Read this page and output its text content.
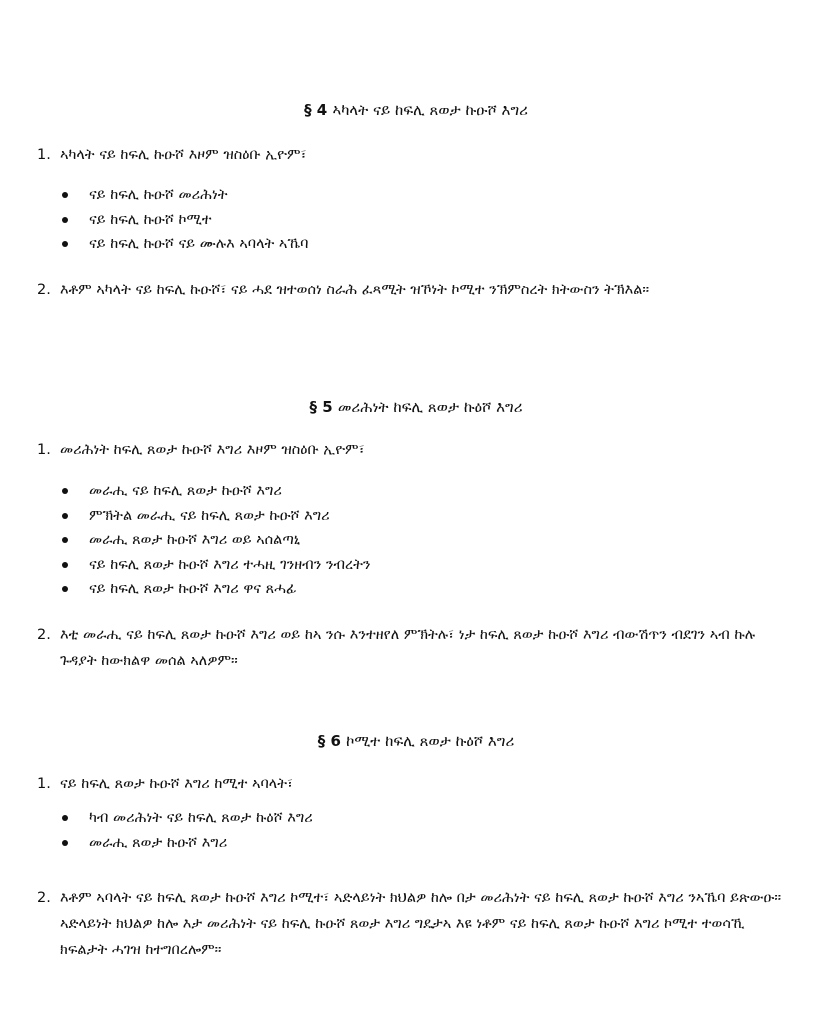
§ 4 ኣካላት ናይ ከፍሊ ጸወታ ኩዑሾ እግሪ

1. ኣካላት ናይ ከፍሊ ኩዑሾ እዞም ዝስዕቡ ኢዮም፣

ናይ ከፍሊ ኩዑሾ መሪሕነት
ናይ ከፍሊ ኩዑሾ ኮሚተ
ናይ ከፍሊ ኩዑሾ ናይ ሙሉእ ኣባላት ኣኼባ

2. እቶም ኣካላት ናይ ከፍሊ ኩዑሾ፣ ናይ ሓደ ዝተወሰነ ስራሕ ፈጻሚት ዝኾነት ኮሚተ ንኽምስረት ክትውስን ትኽእል።

§ 5 መሪሕነት ከፍሊ ጸወታ ኩዕሾ እግሪ

1. መሪሕነት ከፍሊ ጸወታ ኩዑሾ እግሪ እዞም ዝስዕቡ ኢዮም፣

መራሒ ናይ ከፍሊ ጸወታ ኩዑሾ እግሪ
ምኽትል መራሒ ናይ ከፍሊ ጸወታ ኩዑሾ እግሪ
መራሒ ጸወታ ኩዑሾ እግሪ ወይ ኣሰልጣኒ
ናይ ከፍሊ ጸወታ ኩዑሾ እግሪ ተሓዚ ገንዘብን ንብረትን
ናይ ከፍሊ ጸወታ ኩዑሾ እግሪ ዋና ጸሓፊ

2. እቲ መራሒ ናይ ከፍሊ ጸወታ ኩዑሾ እግሪ ወይ ከኣ ንሱ እንተዘየለ ምኽትሉ፣ ነታ ከፍሊ ጸወታ ኩዑሾ እግሪ ብውሽጥን ብደገን ኣብ ኩሉ ጉዳያት ከውክልዋ መሰል ኣለዎም።

§ 6 ኮሚተ ከፍሊ ጸወታ ኩዕሾ እግሪ

1. ናይ ከፍሊ ጸወታ ኩዑሾ እግሪ ከሚተ ኣባላት፣

ካብ መሪሕነት ናይ ከፍሊ ጸወታ ኩዕሾ እግሪ
መራሒ ጸወታ ኩዑሾ እግሪ

2. እቶም ኣባላት ናይ ከፍሊ ጸወታ ኩዑሾ እግሪ ኮሚተ፣ ኣድላይነት ክህልዎ ከሎ በታ መሪሕነት ናይ ከፍሊ ጸወታ ኩዑሾ እግሪ ንኣኼባ ይጽውዑ። ኣድላይነት ክህልዎ ከሎ እታ መሪሕነት ናይ ከፍሊ ኩዑሾ ጸወታ እግሪ ግዴታኣ እዩ ነቶም ናይ ከፍሊ ጸወታ ኩዑሾ እግሪ ኮሚተ ተወሳኺ ክፍልታት ሓገዝ ከተግበረሎም።
